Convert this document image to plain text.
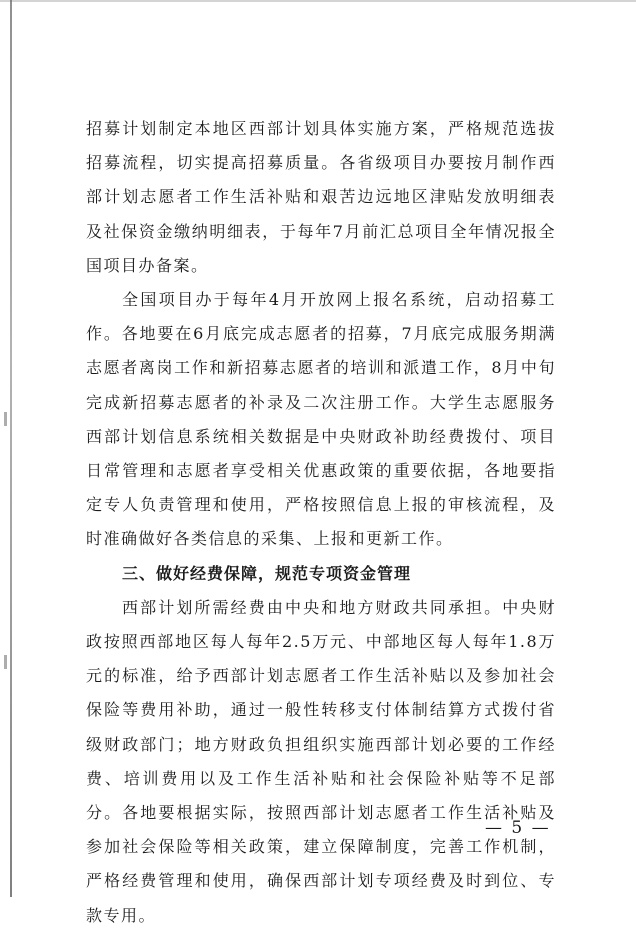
招募计划制定本地区西部计划具体实施方案，严格规范选拔招募流程，切实提高招募质量。各省级项目办要按月制作西部计划志愿者工作生活补贴和艰苦边远地区津贴发放明细表及社保资金缴纳明细表，于每年7月前汇总项目全年情况报全国项目办备案。

全国项目办于每年4月开放网上报名系统，启动招募工作。各地要在6月底完成志愿者的招募，7月底完成服务期满志愿者离岗工作和新招募志愿者的培训和派遣工作，8月中旬完成新招募志愿者的补录及二次注册工作。大学生志愿服务西部计划信息系统相关数据是中央财政补助经费拨付、项目日常管理和志愿者享受相关优惠政策的重要依据，各地要指定专人负责管理和使用，严格按照信息上报的审核流程，及时准确做好各类信息的采集、上报和更新工作。

三、做好经费保障，规范专项资金管理

西部计划所需经费由中央和地方财政共同承担。中央财政按照西部地区每人每年2.5万元、中部地区每人每年1.8万元的标准，给予西部计划志愿者工作生活补贴以及参加社会保险等费用补助，通过一般性转移支付体制结算方式拨付省级财政部门；地方财政负担组织实施西部计划必要的工作经费、培训费用以及工作生活补贴和社会保险补贴等不足部分。各地要根据实际，按照西部计划志愿者工作生活补贴及参加社会保险等相关政策，建立保障制度，完善工作机制，严格经费管理和使用，确保西部计划专项经费及时到位、专款专用。

— 5 —
